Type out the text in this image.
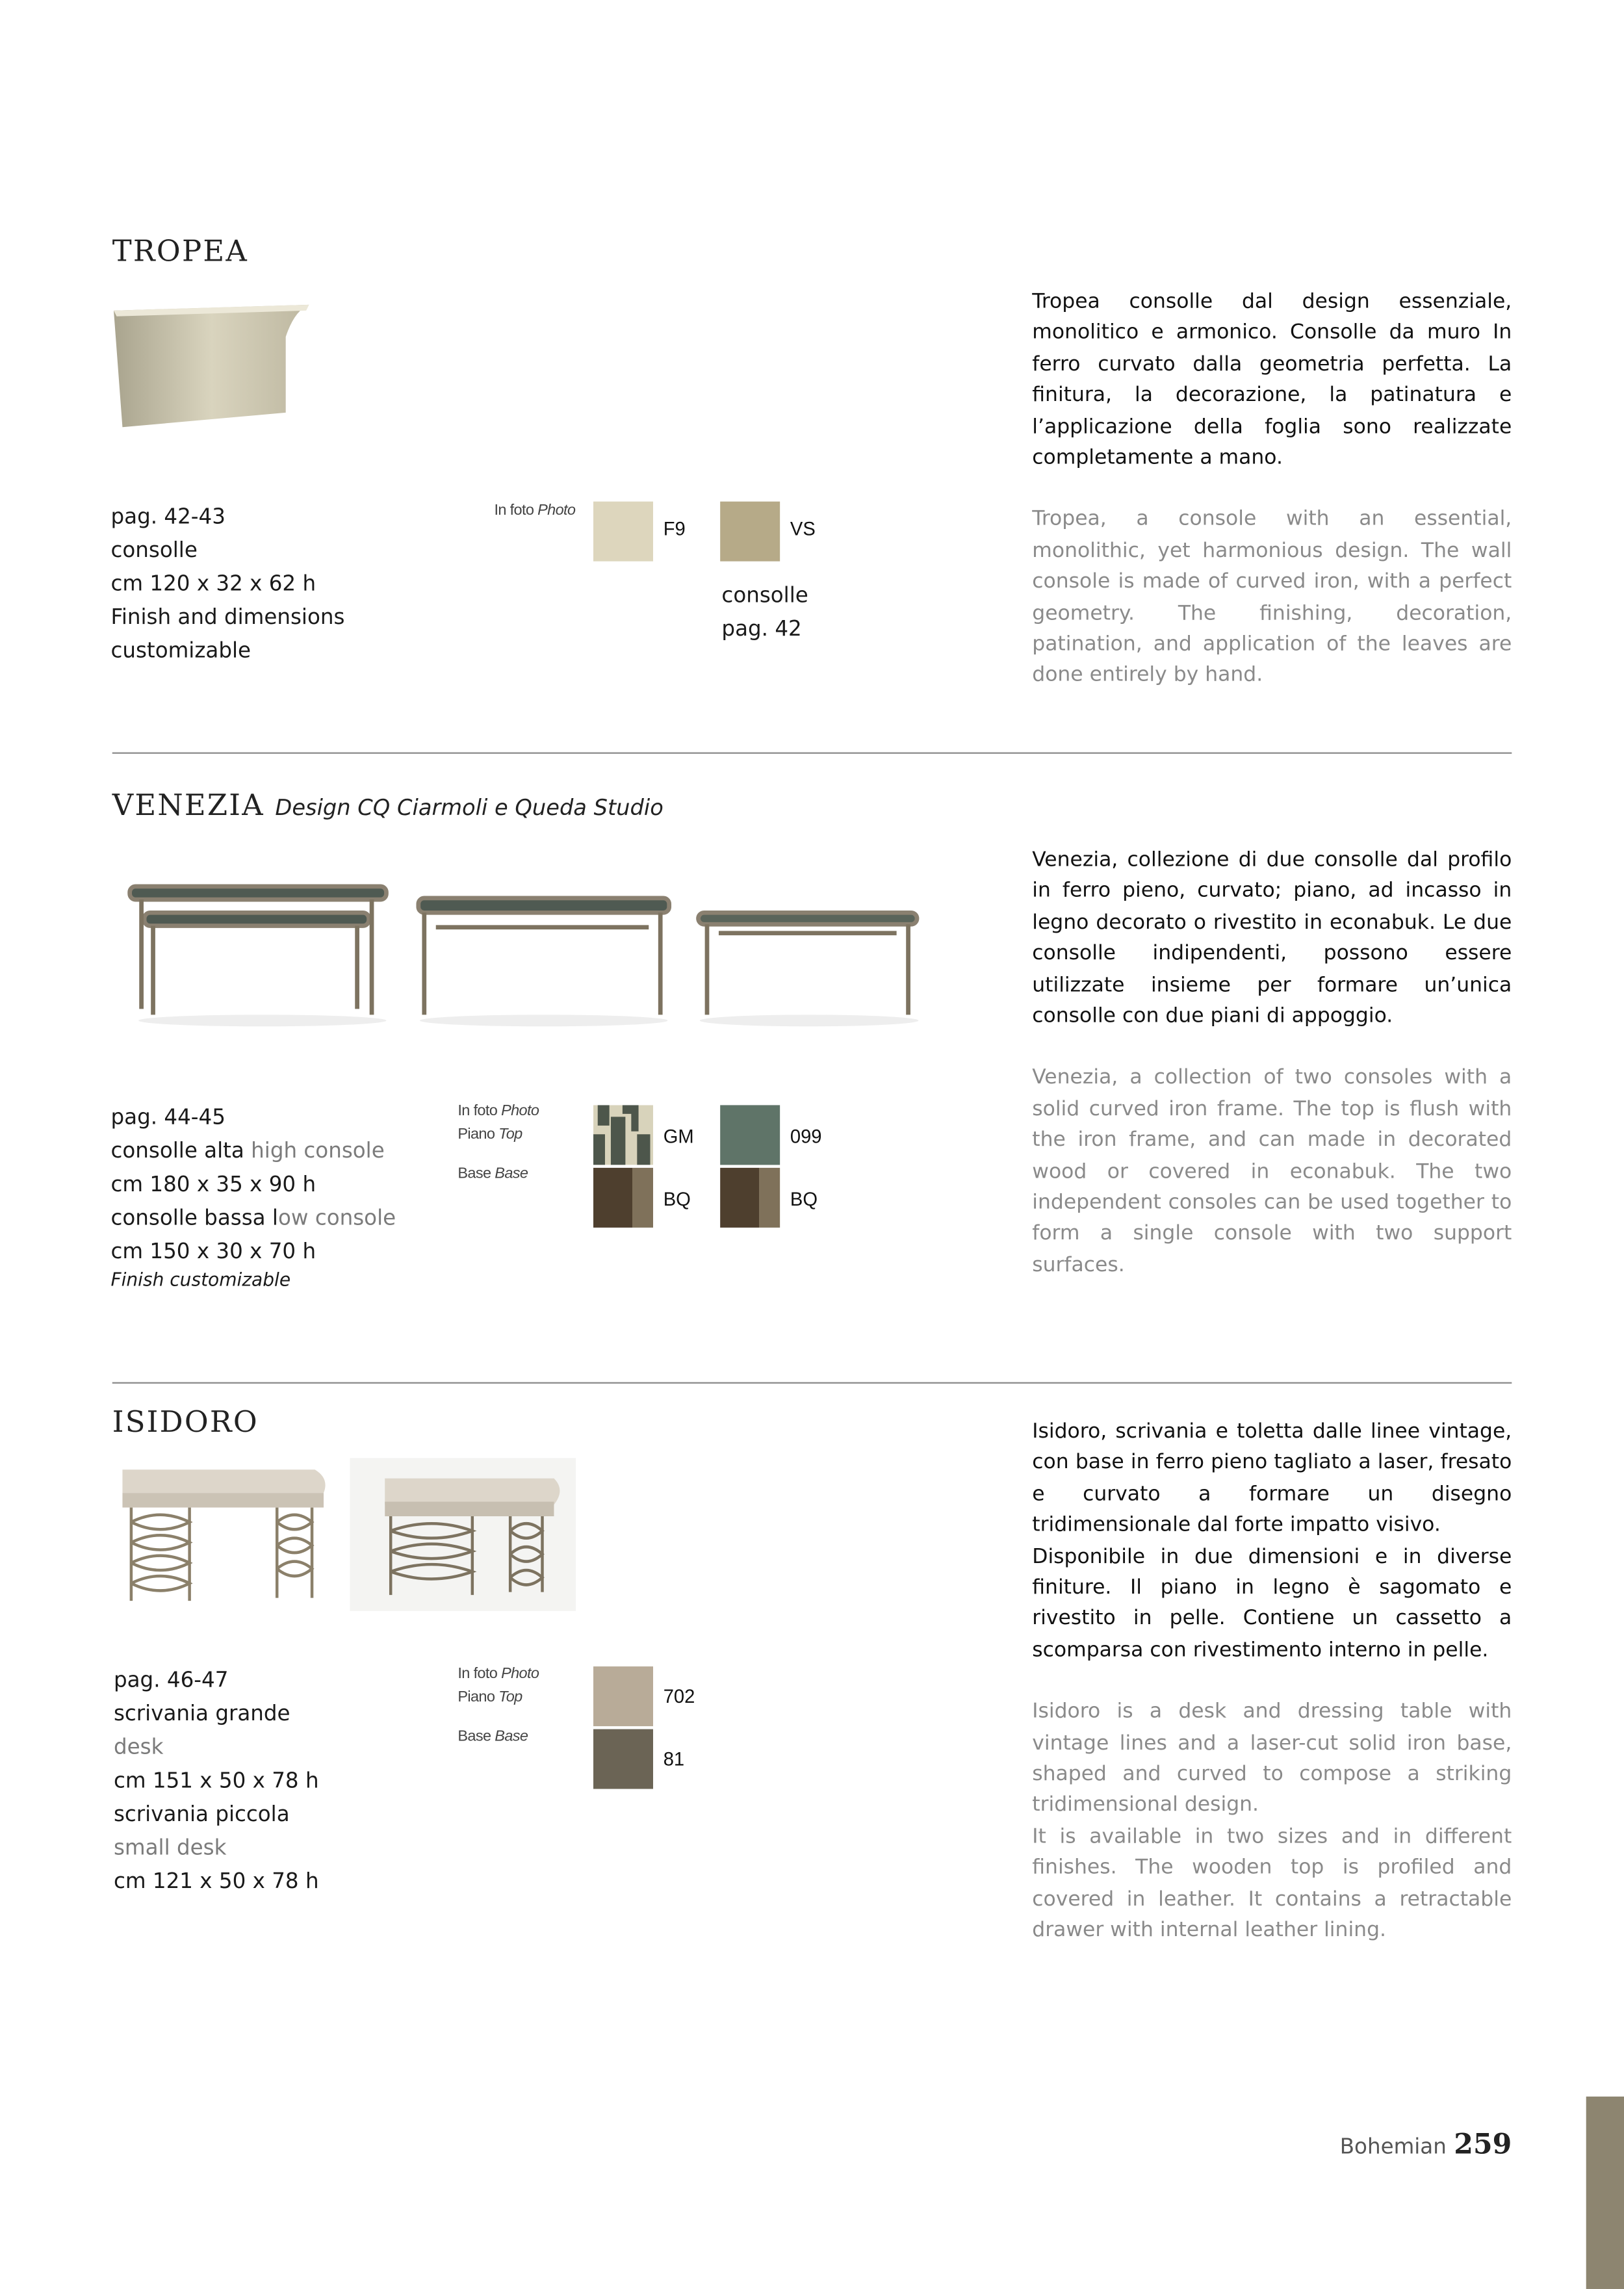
TROPEA
pag. 42-43
consolle
cm 120 x 32 x 62 h
Finish and dimensions
customizable
In foto Photo
F9	VS
consolle
pag. 42
Tropea consolle dal design essenziale, monolitico e armonico. Consolle da muro In ferro curvato dalla geometria perfetta. La finitura, la decorazione, la patinatura e l’applicazione della foglia sono realizzate completamente a mano.
Tropea, a console with an essential, monolithic, yet harmonious design. The wall console is made of curved iron, with a perfect geometry. The finishing, decoration, patination, and application of the leaves are done entirely by hand.
VENEZIA Design CQ Ciarmoli e Queda Studio
pag. 44-45
consolle alta high console
cm 180 x 35 x 90 h
consolle bassa low console
cm 150 x 30 x 70 h
Finish customizable
In foto Photo
Piano Top
Base Base
GM	099
BQ	BQ
Venezia, collezione di due consolle dal profilo in ferro pieno, curvato; piano, ad incasso in legno decorato o rivestito in econabuk. Le due consolle indipendenti, possono essere utilizzate insieme per formare un’unica consolle con due piani di appoggio.
Venezia, a collection of two consoles with a solid curved iron frame. The top is flush with the iron frame, and can made in decorated wood or covered in econabuk. The two independent consoles can be used together to form a single console with two support surfaces.
ISIDORO
pag. 46-47
scrivania grande
desk
cm 151 x 50 x 78 h
scrivania piccola
small desk
cm 121 x 50 x 78 h
In foto Photo
Piano Top
Base Base
702
81
Isidoro, scrivania e toletta dalle linee vintage, con base in ferro pieno tagliato a laser, fresato e curvato a formare un disegno tridimensionale dal forte impatto visivo.
Disponibile in due dimensioni e in diverse finiture. Il piano in legno è sagomato e rivestito in pelle. Contiene un cassetto a scomparsa con rivestimento interno in pelle.
Isidoro is a desk and dressing table with vintage lines and a laser-cut solid iron base, shaped and curved to compose a striking tridimensional design.
It is available in two sizes and in different finishes. The wooden top is profiled and covered in leather. It contains a retractable drawer with internal leather lining.
Bohemian 259
